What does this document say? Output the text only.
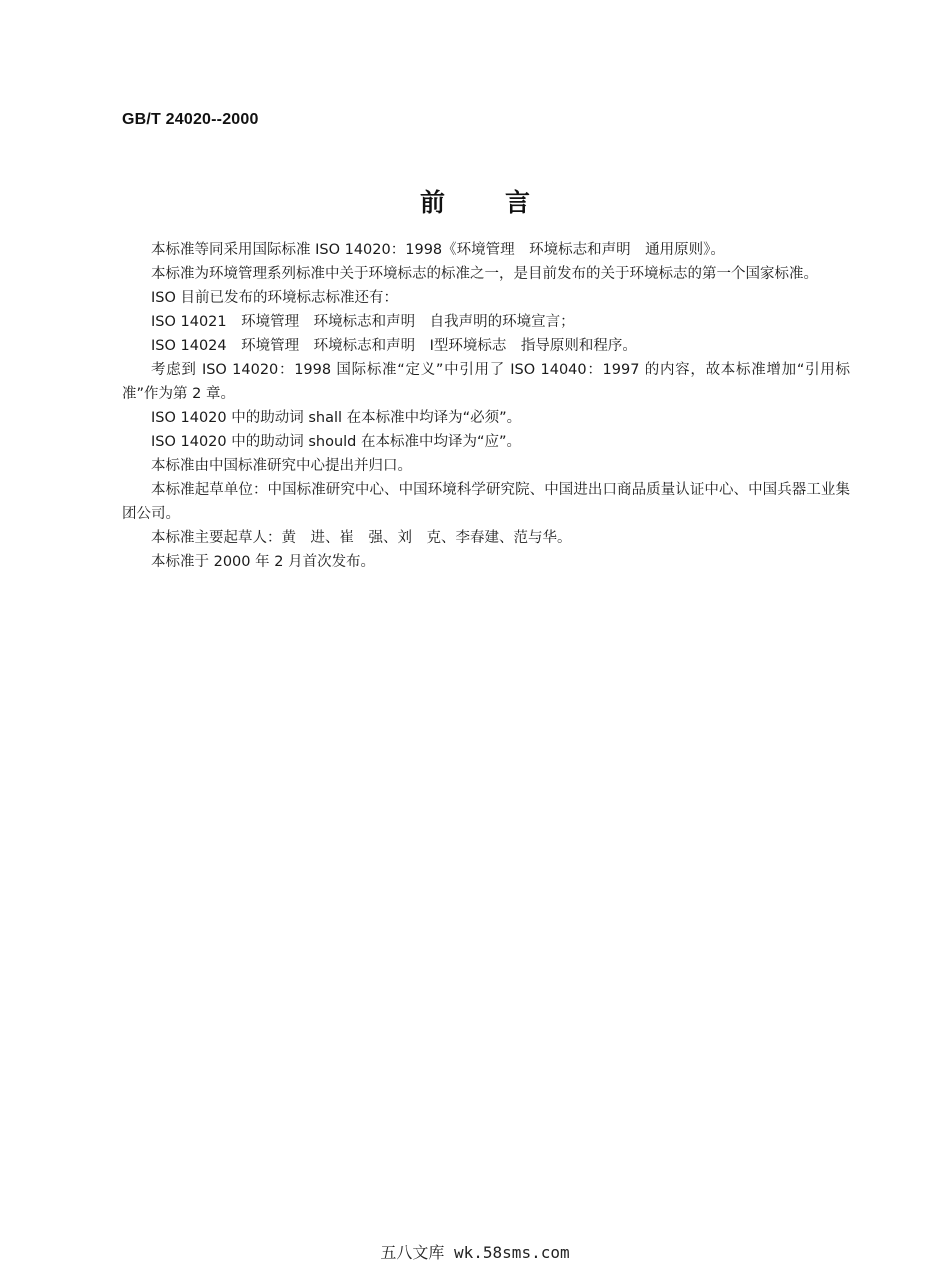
GB/T 24020--2000
前言

本标准等同采用国际标准 ISO 14020：1998《环境管理　环境标志和声明　通用原则》。

本标准为环境管理系列标准中关于环境标志的标准之一，是目前发布的关于环境标志的第一个国家标准。

ISO 目前已发布的环境标志标准还有：

ISO 14021　环境管理　环境标志和声明　自我声明的环境宣言；

ISO 14024　环境管理　环境标志和声明　Ⅰ型环境标志　指导原则和程序。

考虑到 ISO 14020：1998 国际标准“定义”中引用了 ISO 14040：1997 的内容，故本标准增加“引用标准”作为第 2 章。

ISO 14020 中的助动词 shall 在本标准中均译为“必须”。

ISO 14020 中的助动词 should 在本标准中均译为“应”。

本标准由中国标准研究中心提出并归口。

本标准起草单位：中国标准研究中心、中国环境科学研究院、中国进出口商品质量认证中心、中国兵器工业集团公司。

本标准主要起草人：黄　进、崔　强、刘　克、李春建、范与华。

本标准于 2000 年 2 月首次发布。

五八文库 wk.58sms.com
